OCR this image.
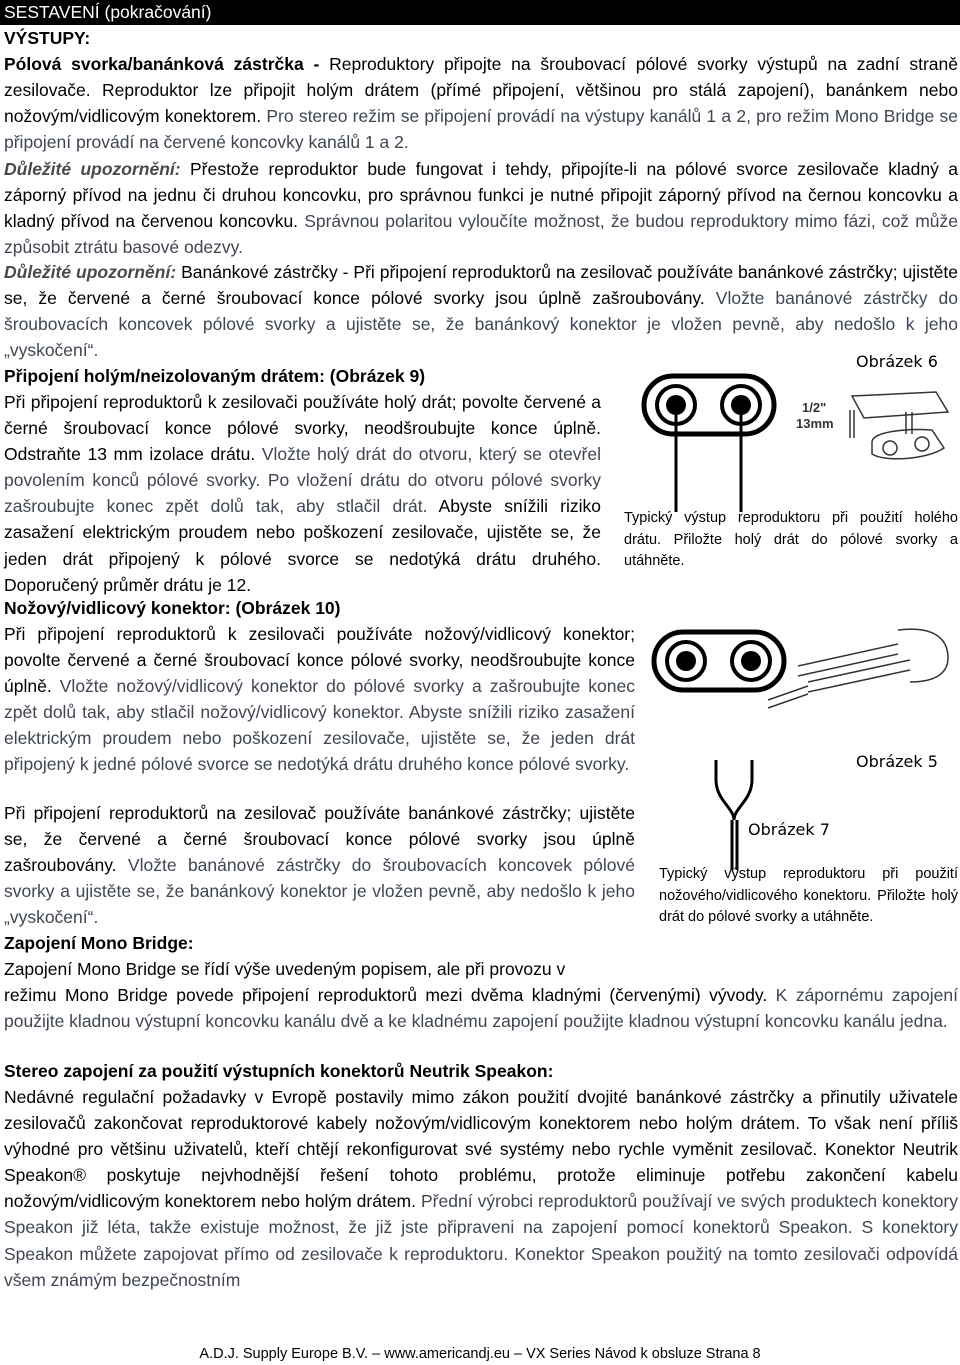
SESTAVENÍ (pokračování)

VÝSTUPY:

Pólová svorka/banánková zástrčka - Reproduktory připojte na šroubovací pólové svorky výstupů na zadní straně zesilovače. Reproduktor lze připojit holým drátem (přímé připojení, většinou pro stálá zapojení), banánkem nebo nožovým/vidlicovým konektorem. Pro stereo režim se připojení provádí na výstupy kanálů 1 a 2, pro režim Mono Bridge se připojení provádí na červené koncovky kanálů 1 a 2.

Důležité upozornění: Přestože reproduktor bude fungovat i tehdy, připojíte-li na pólové svorce zesilovače kladný a záporný přívod na jednu či druhou koncovku, pro správnou funkci je nutné připojit záporný přívod na černou koncovku a kladný přívod na červenou koncovku. Správnou polaritou vyloučíte možnost, že budou reproduktory mimo fázi, což může způsobit ztrátu basové odezvy.

Důležité upozornění: Banánkové zástrčky - Při připojení reproduktorů na zesilovač používáte banánkové zástrčky; ujistěte se, že červené a černé šroubovací konce pólové svorky jsou úplně zašroubovány. Vložte banánové zástrčky do šroubovacích koncovek pólové svorky a ujistěte se, že banánkový konektor je vložen pevně, aby nedošlo k jeho „vyskočení“.

Připojení holým/neizolovaným drátem: (Obrázek 9)

Při připojení reproduktorů k zesilovači používáte holý drát; povolte červené a černé šroubovací konce pólové svorky, neodšroubujte konce úplně. Odstraňte 13 mm izolace drátu. Vložte holý drát do otvoru, který se otevřel povolením konců pólové svorky. Po vložení drátu do otvoru pólové svorky zašroubujte konec zpět dolů tak, aby stlačil drát. Abyste snížili riziko zasažení elektrickým proudem nebo poškození zesilovače, ujistěte se, že jeden drát připojený k pólové svorce se nedotýká drátu druhého. Doporučený průměr drátu je 12.

Nožový/vidlicový konektor: (Obrázek 10)

Při připojení reproduktorů k zesilovači používáte nožový/vidlicový konektor; povolte červené a černé šroubovací konce pólové svorky, neodšroubujte konce úplně. Vložte nožový/vidlicový konektor do pólové svorky a zašroubujte konec zpět dolů tak, aby stlačil nožový/vidlicový konektor. Abyste snížili riziko zasažení elektrickým proudem nebo poškození zesilovače, ujistěte se, že jeden drát připojený k jedné pólové svorce se nedotýká drátu druhého konce pólové svorky.

Při připojení reproduktorů na zesilovač používáte banánkové zástrčky; ujistěte se, že červené a černé šroubovací konce pólové svorky jsou úplně zašroubovány. Vložte banánové zástrčky do šroubovacích koncovek pólové svorky a ujistěte se, že banánkový konektor je vložen pevně, aby nedošlo k jeho „vyskočení“.

Zapojení Mono Bridge:

Zapojení Mono Bridge se řídí výše uvedeným popisem, ale při provozu v

režimu Mono Bridge povede připojení reproduktorů mezi dvěma kladnými (červenými) vývody. K zápornému zapojení použijte kladnou výstupní koncovku kanálu dvě a ke kladnému zapojení použijte kladnou výstupní koncovku kanálu jedna.

Stereo zapojení za použití výstupních konektorů Neutrik Speakon:

Nedávné regulační požadavky v Evropě postavily mimo zákon použití dvojité banánkové zástrčky a přinutily uživatele zesilovačů zakončovat reproduktorové kabely nožovým/vidlicovým konektorem nebo holým drátem. To však není příliš výhodné pro většinu uživatelů, kteří chtějí rekonfigurovat své systémy nebo rychle vyměnit zesilovač. Konektor Neutrik Speakon® poskytuje nejvhodnější řešení tohoto problému, protože eliminuje potřebu zakončení kabelu nožovým/vidlicovým konektorem nebo holým drátem. Přední výrobci reproduktorů používají ve svých produktech konektory Speakon již léta, takže existuje možnost, že již jste připraveni na zapojení pomocí konektorů Speakon. S konektory Speakon můžete zapojovat přímo od zesilovače k reproduktoru. Konektor Speakon použitý na tomto zesilovači odpovídá všem známým bezpečnostním

Obrázek 6
1/2"
13mm

Typický výstup reproduktoru při použití holého drátu. Přiložte holý drát do pólové svorky a utáhněte.

Obrázek 5
Obrázek 7

Typický výstup reproduktoru při použití nožového/vidlicového konektoru. Přiložte holý drát do pólové svorky a utáhněte.

A.D.J. Supply Europe B.V. – www.americandj.eu – VX Series Návod k obsluze Strana 8
